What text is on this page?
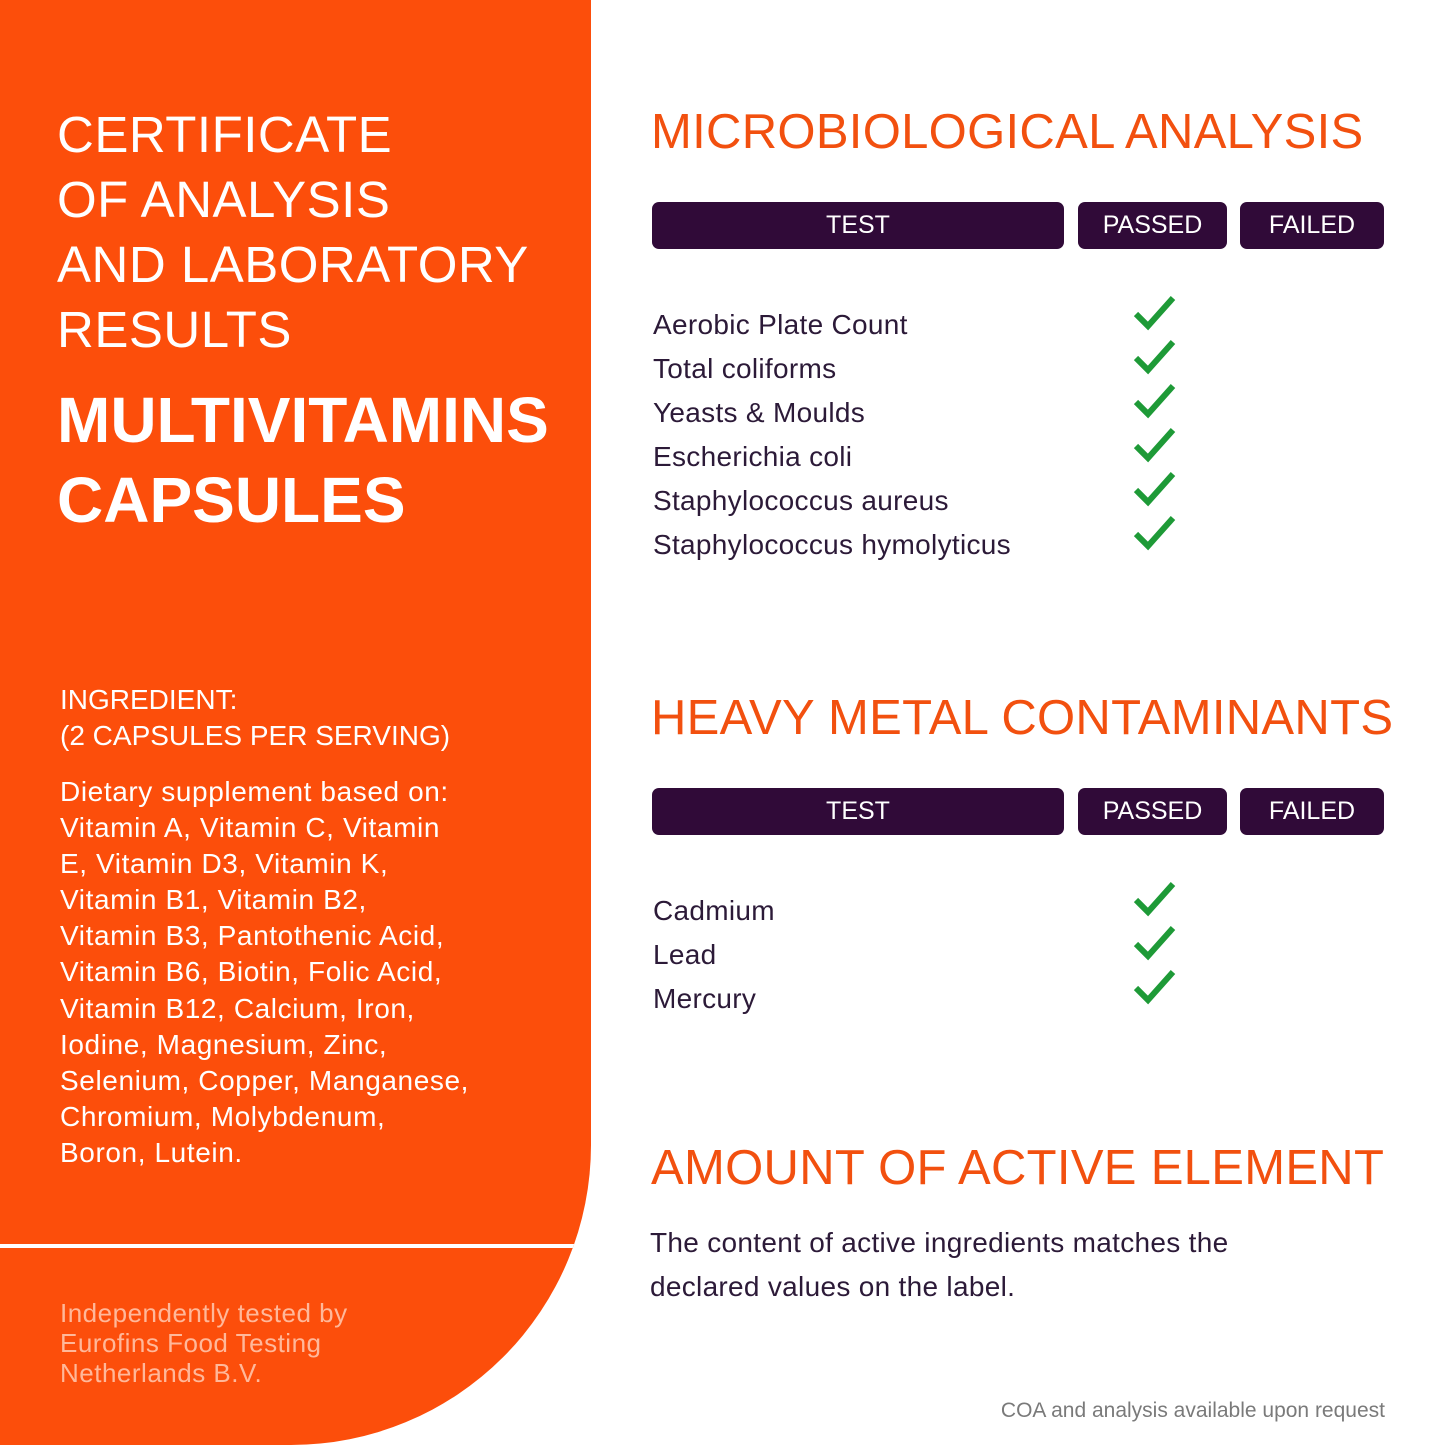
CERTIFICATE
OF ANALYSIS
AND LABORATORY
RESULTS
MULTIVITAMINS
CAPSULES
INGREDIENT:
(2 CAPSULES PER SERVING)
Dietary supplement based on:
Vitamin A, Vitamin C, Vitamin
E, Vitamin D3, Vitamin K,
Vitamin B1, Vitamin B2,
Vitamin B3, Pantothenic Acid,
Vitamin B6, Biotin, Folic Acid,
Vitamin B12, Calcium, Iron,
Iodine, Magnesium, Zinc,
Selenium, Copper, Manganese,
Chromium, Molybdenum,
Boron, Lutein.
Independently tested by
Eurofins Food Testing
Netherlands B.V.
MICROBIOLOGICAL ANALYSIS
TEST	PASSED	FAILED
Aerobic Plate Count
Total coliforms
Yeasts & Moulds
Escherichia coli
Staphylococcus aureus
Staphylococcus hymolyticus
HEAVY METAL CONTAMINANTS
TEST	PASSED	FAILED
Cadmium
Lead
Mercury
AMOUNT OF ACTIVE ELEMENT
The content of active ingredients matches the
declared values on the label.
COA and analysis available upon request
